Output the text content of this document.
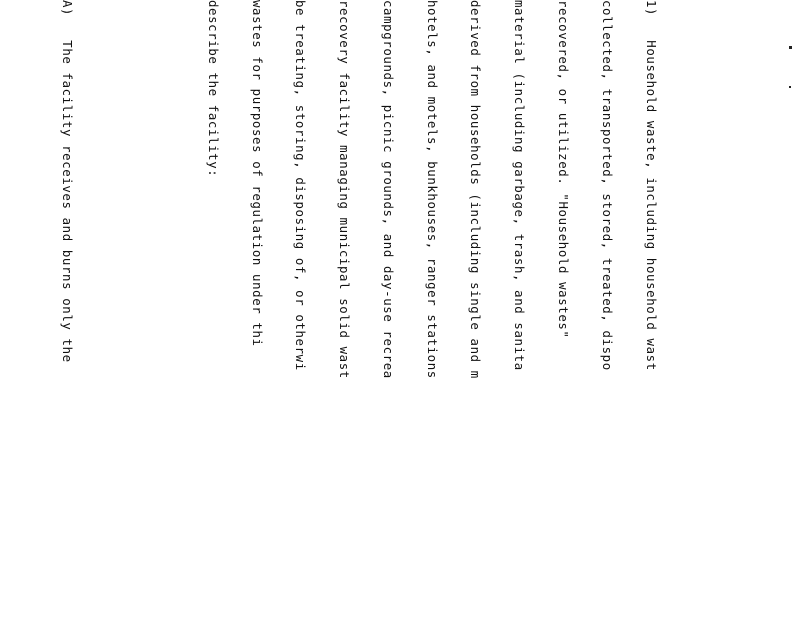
1)   Household waste, including household wast

collected, transported, stored, treated, dispo

recovered, or utilized. "Household wastes"

material (including garbage, trash, and sanita

derived from households (including single and m

hotels, and motels, bunkhouses, ranger stations

campgrounds, picnic grounds, and day-use recrea

recovery facility managing municipal solid wast

be treating, storing, disposing of, or otherwi

wastes for purposes of regulation under thi

describe the facility:

A)   The facility receives and burns only the
